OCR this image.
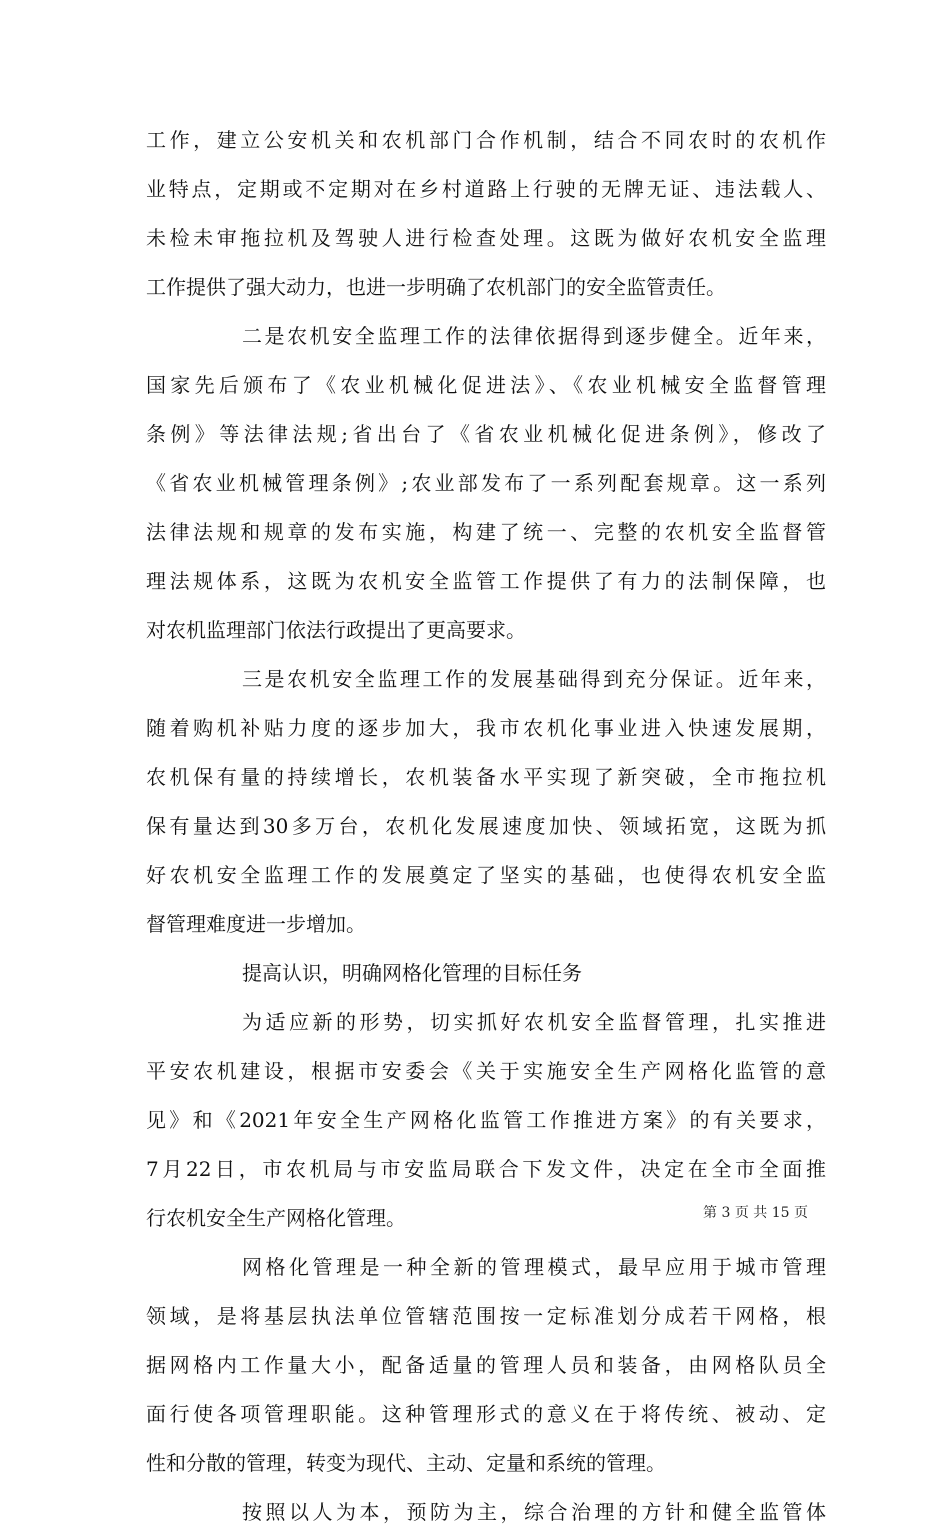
工作，建立公安机关和农机部门合作机制，结合不同农时的农机作
业特点，定期或不定期对在乡村道路上行驶的无牌无证、违法载人、
未检未审拖拉机及驾驶人进行检查处理。这既为做好农机安全监理
工作提供了强大动力，也进一步明确了农机部门的安全监管责任。
二是农机安全监理工作的法律依据得到逐步健全。近年来，
国家先后颁布了《农业机械化促进法》、《农业机械安全监督管理
条例》等法律法规;省出台了《省农业机械化促进条例》，修改了
《省农业机械管理条例》;农业部发布了一系列配套规章。这一系列
法律法规和规章的发布实施，构建了统一、完整的农机安全监督管
理法规体系，这既为农机安全监管工作提供了有力的法制保障，也
对农机监理部门依法行政提出了更高要求。
三是农机安全监理工作的发展基础得到充分保证。近年来，
随着购机补贴力度的逐步加大，我市农机化事业进入快速发展期，
农机保有量的持续增长，农机装备水平实现了新突破，全市拖拉机
保有量达到30多万台，农机化发展速度加快、领域拓宽，这既为抓
好农机安全监理工作的发展奠定了坚实的基础，也使得农机安全监
督管理难度进一步增加。
提高认识，明确网格化管理的目标任务
为适应新的形势，切实抓好农机安全监督管理，扎实推进
平安农机建设，根据市安委会《关于实施安全生产网格化监管的意
见》和《2021年安全生产网格化监管工作推进方案》的有关要求，
7月22日，市农机局与市安监局联合下发文件，决定在全市全面推
行农机安全生产网格化管理。
网格化管理是一种全新的管理模式，最早应用于城市管理
领域，是将基层执法单位管辖范围按一定标准划分成若干网格，根
据网格内工作量大小，配备适量的管理人员和装备，由网格队员全
面行使各项管理职能。这种管理形式的意义在于将传统、被动、定
性和分散的管理，转变为现代、主动、定量和系统的管理。
按照以人为本，预防为主，综合治理的方针和健全监管体
第 3 页 共 15 页
